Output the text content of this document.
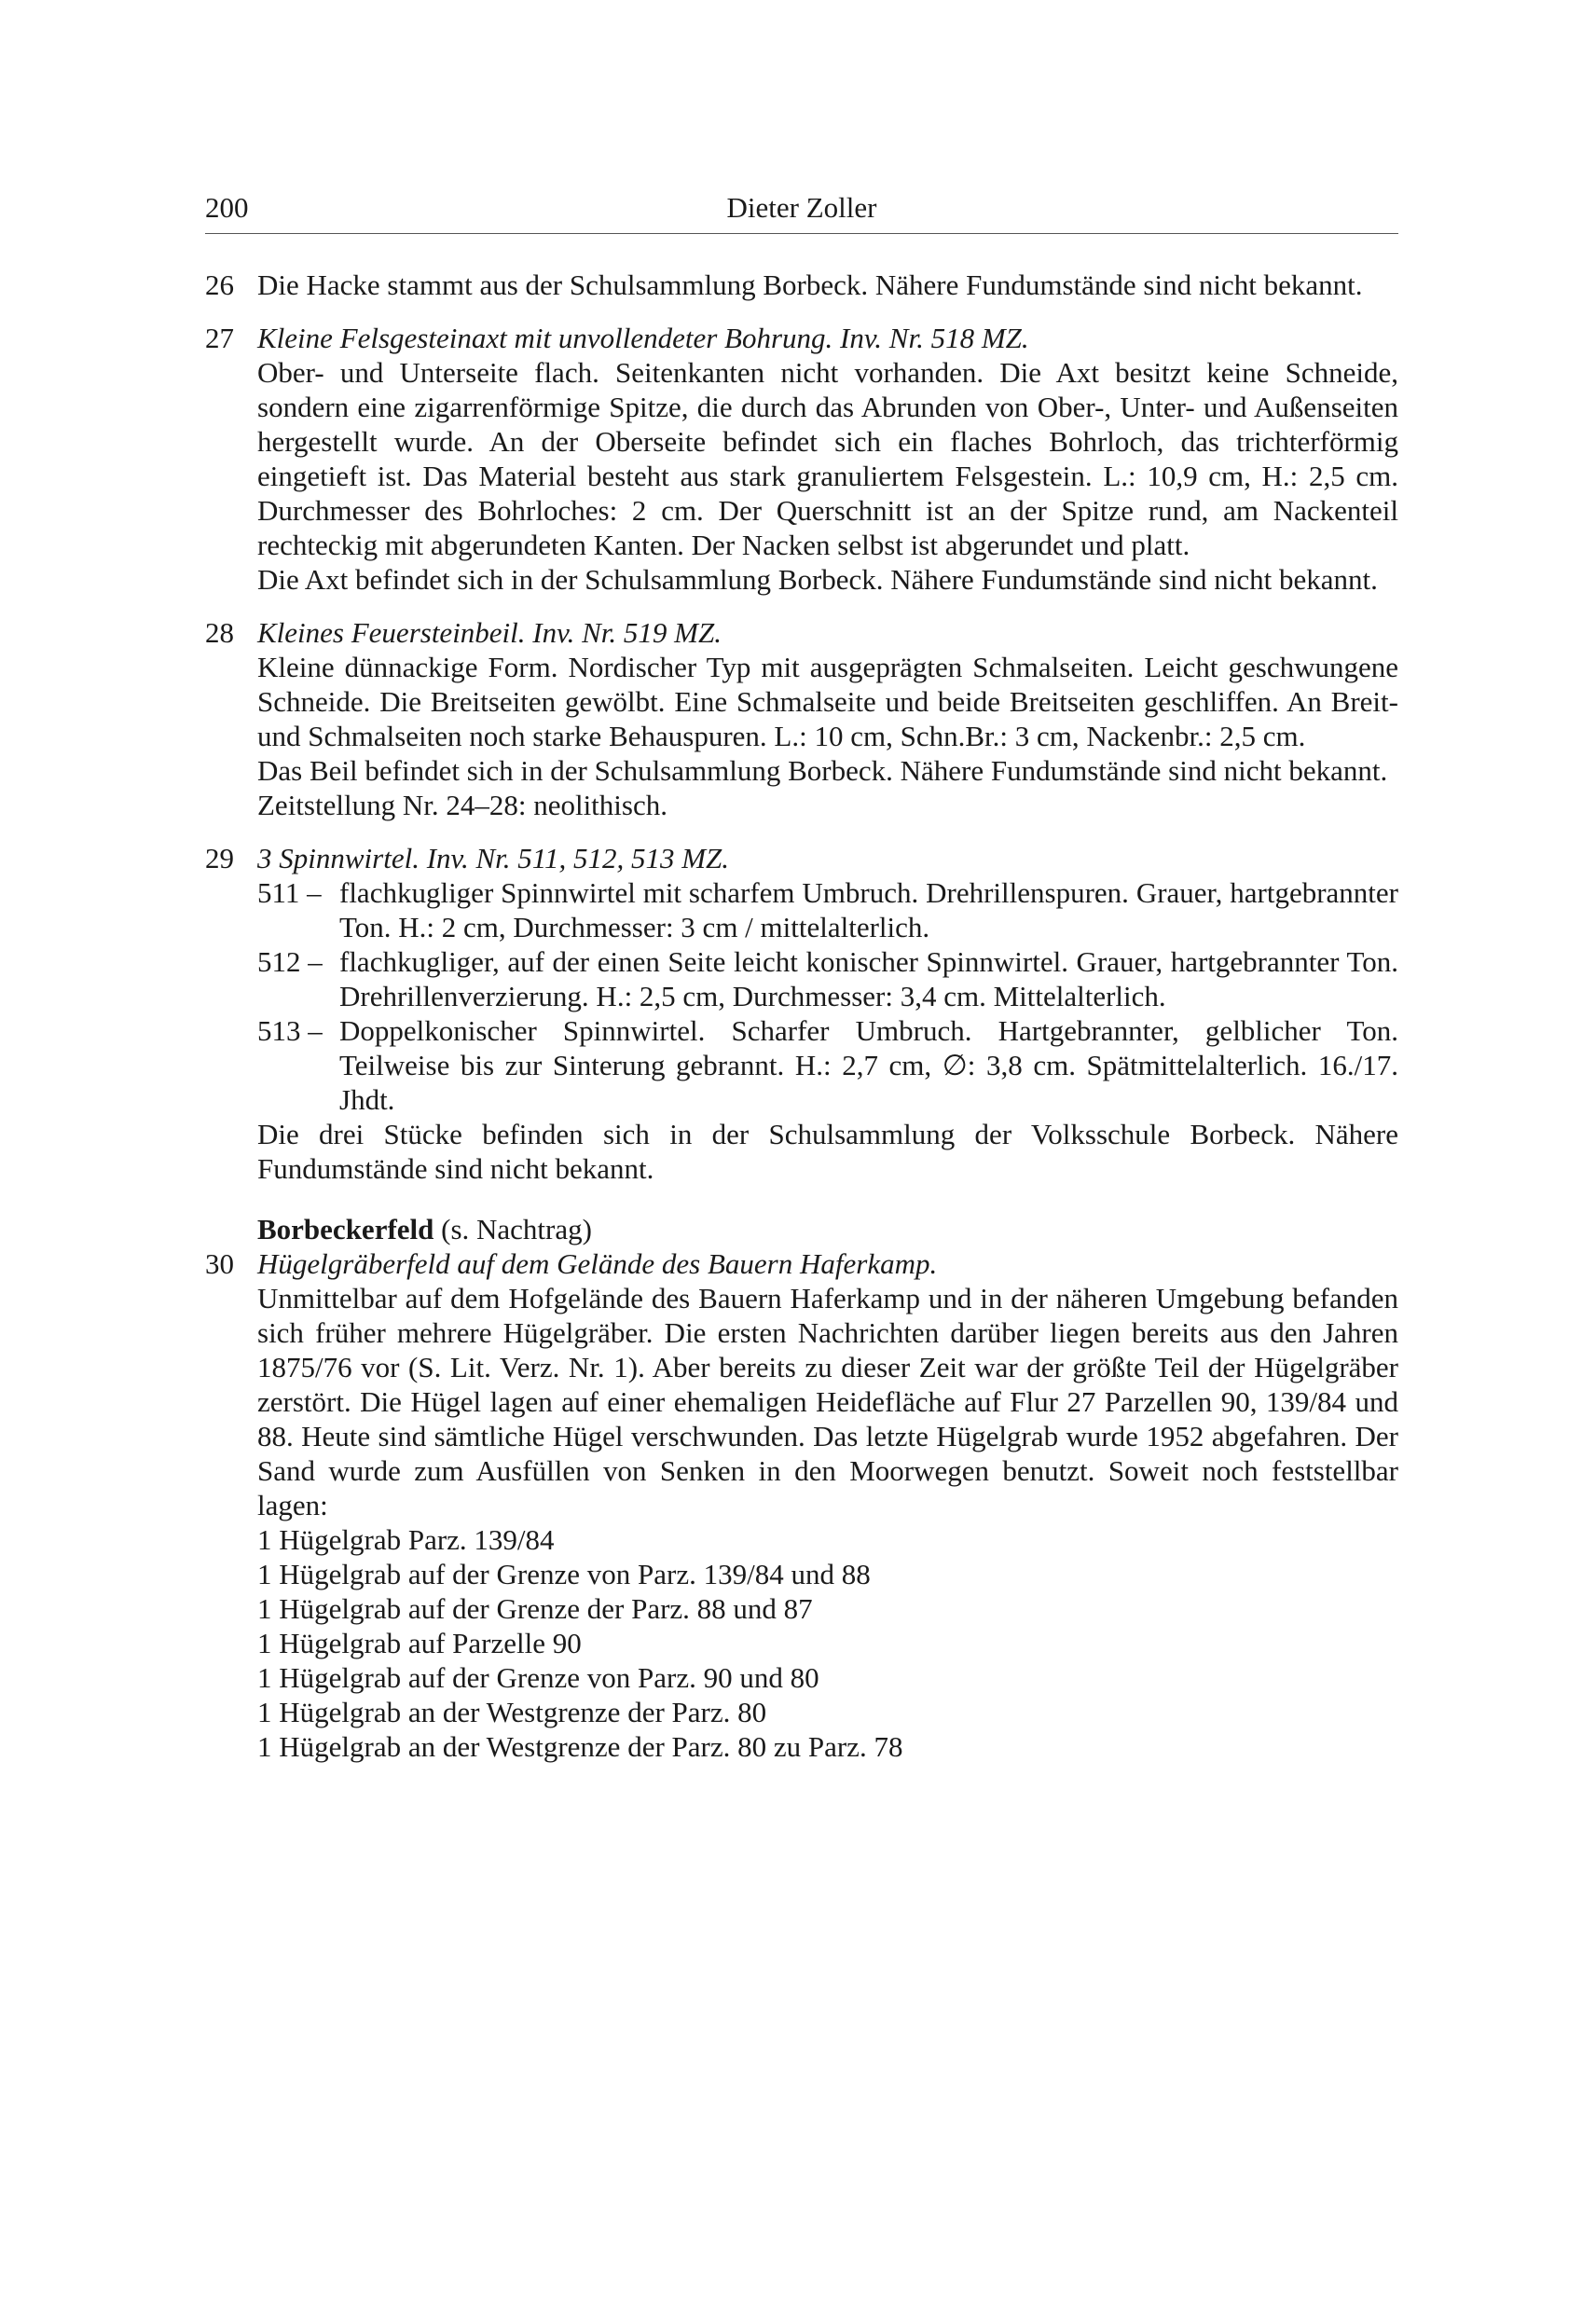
200	Dieter Zoller
26 Die Hacke stammt aus der Schulsammlung Borbeck. Nähere Fundumstände sind nicht bekannt.

27 Kleine Felsgesteinaxt mit unvollendeter Bohrung. Inv. Nr. 518 MZ.

Ober- und Unterseite flach. Seitenkanten nicht vorhanden. Die Axt besitzt keine Schneide, sondern eine zigarrenförmige Spitze, die durch das Abrunden von Ober-, Unter- und Außenseiten hergestellt wurde. An der Oberseite befindet sich ein flaches Bohrloch, das trichterförmig eingetieft ist. Das Material besteht aus stark granuliertem Felsgestein. L.: 10,9 cm, H.: 2,5 cm. Durchmesser des Bohrloches: 2 cm. Der Querschnitt ist an der Spitze rund, am Nackenteil rechteckig mit abgerundeten Kanten. Der Nacken selbst ist abgerundet und platt.

Die Axt befindet sich in der Schulsammlung Borbeck. Nähere Fundumstände sind nicht bekannt.

28 Kleines Feuersteinbeil. Inv. Nr. 519 MZ.

Kleine dünnackige Form. Nordischer Typ mit ausgeprägten Schmalseiten. Leicht geschwungene Schneide. Die Breitseiten gewölbt. Eine Schmalseite und beide Breitseiten geschliffen. An Breit- und Schmalseiten noch starke Behauspuren. L.: 10 cm, Schn.Br.: 3 cm, Nackenbr.: 2,5 cm.

Das Beil befindet sich in der Schulsammlung Borbeck. Nähere Fundumstände sind nicht bekannt.

Zeitstellung Nr. 24–28: neolithisch.

29 3 Spinnwirtel. Inv. Nr. 511, 512, 513 MZ.

511 – flachkugliger Spinnwirtel mit scharfem Umbruch. Drehrillenspuren. Grauer, hartgebrannter Ton. H.: 2 cm, Durchmesser: 3 cm / mittelalterlich.

512 – flachkugliger, auf der einen Seite leicht konischer Spinnwirtel. Grauer, hartgebrannter Ton. Drehrillenverzierung. H.: 2,5 cm, Durchmesser: 3,4 cm. Mittelalterlich.

513 – Doppelkonischer Spinnwirtel. Scharfer Umbruch. Hartgebrannter, gelblicher Ton. Teilweise bis zur Sinterung gebrannt. H.: 2,7 cm, ∅: 3,8 cm. Spätmittelalterlich. 16./17. Jhdt.

Die drei Stücke befinden sich in der Schulsammlung der Volksschule Borbeck. Nähere Fundumstände sind nicht bekannt.

Borbeckerfeld (s. Nachtrag)
30 Hügelgräberfeld auf dem Gelände des Bauern Haferkamp.

Unmittelbar auf dem Hofgelände des Bauern Haferkamp und in der näheren Umgebung befanden sich früher mehrere Hügelgräber. Die ersten Nachrichten darüber liegen bereits aus den Jahren 1875/76 vor (S. Lit. Verz. Nr. 1). Aber bereits zu dieser Zeit war der größte Teil der Hügelgräber zerstört. Die Hügel lagen auf einer ehemaligen Heidefläche auf Flur 27 Parzellen 90, 139/84 und 88. Heute sind sämtliche Hügel verschwunden. Das letzte Hügelgrab wurde 1952 abgefahren. Der Sand wurde zum Ausfüllen von Senken in den Moorwegen benutzt. Soweit noch feststellbar lagen:

1 Hügelgrab Parz. 139/84

1 Hügelgrab auf der Grenze von Parz. 139/84 und 88

1 Hügelgrab auf der Grenze der Parz. 88 und 87

1 Hügelgrab auf Parzelle 90

1 Hügelgrab auf der Grenze von Parz. 90 und 80

1 Hügelgrab an der Westgrenze der Parz. 80

1 Hügelgrab an der Westgrenze der Parz. 80 zu Parz. 78
